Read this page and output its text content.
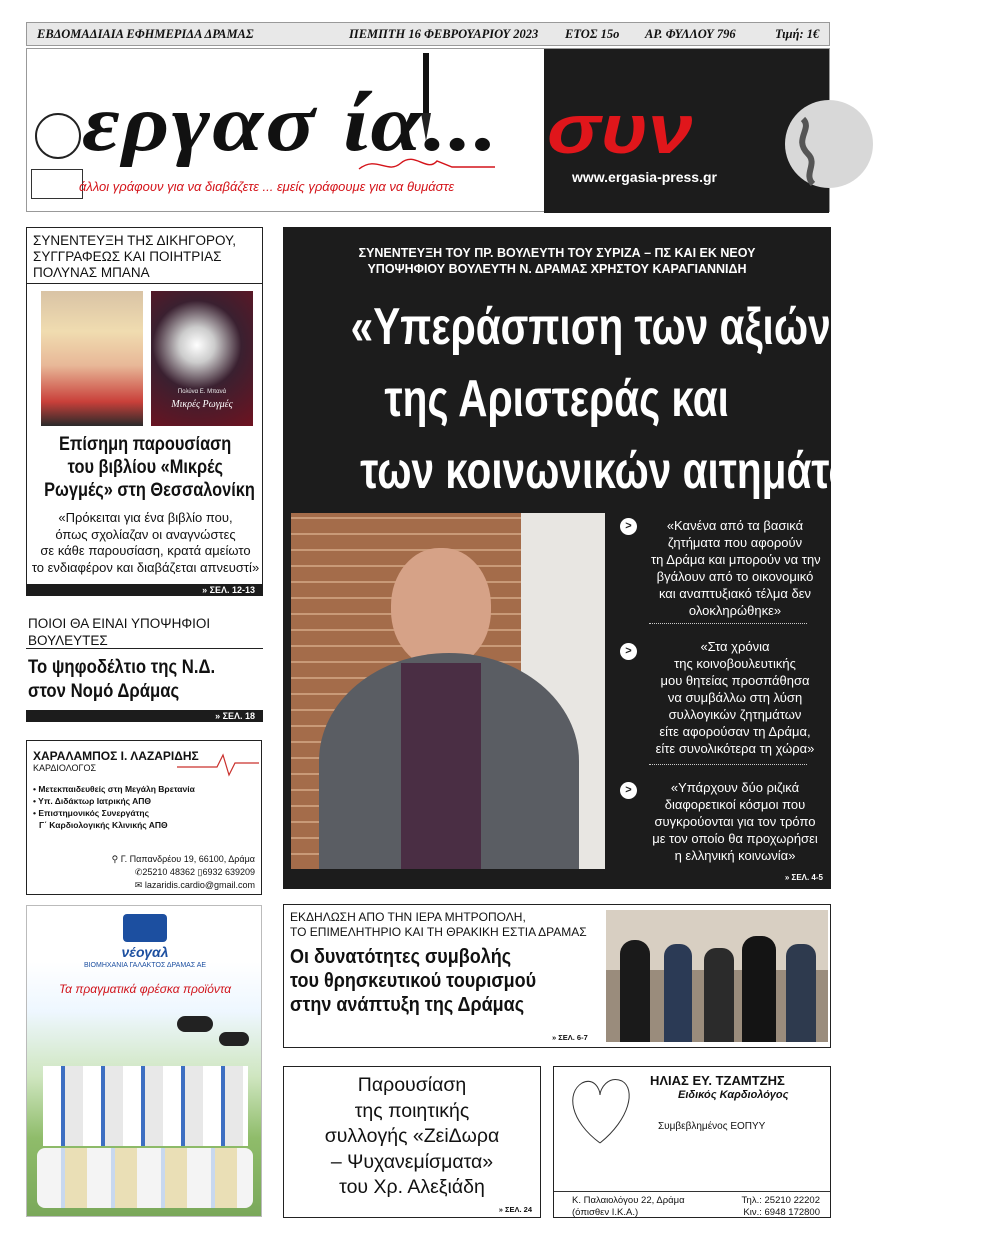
ΕΒΔΟΜΑΔΙΑΙΑ ΕΦΗΜΕΡΙΔΑ ΔΡΑΜΑΣ	ΠΕΜΠΤΗ 16 ΦΕΒΡΟΥΑΡΙΟΥ 2023 ΕΤΟΣ 15ο ΑΡ. ΦΥΛΛΟΥ 796	Τιμή: 1€
εργασ ία... συν
άλλοι γράφουν για να διαβάζετε ... εμείς γράφουμε για να θυμάστε
www.ergasia-press.gr
ΣΥΝΕΝΤΕΥΞΗ ΤΗΣ ΔΙΚΗΓΟΡΟΥ,
ΣΥΓΓΡΑΦΕΩΣ ΚΑΙ ΠΟΙΗΤΡΙΑΣ
ΠΟΛΥΝΑΣ ΜΠΑΝΑ
Πολύνα Ε. Μπανά
Μικρές Ρωγμές
Επίσημη παρουσίαση
του βιβλίου «Μικρές
Ρωγμές» στη Θεσσαλονίκη
«Πρόκειται για ένα βιβλίο που,
όπως σχολίαζαν οι αναγνώστες
σε κάθε παρουσίαση, κρατά αμείωτο
το ενδιαφέρον και διαβάζεται απνευστί»
» ΣΕΛ. 12-13
ΠΟΙΟΙ ΘΑ ΕΙΝΑΙ ΥΠΟΨΗΦΙΟΙ
ΒΟΥΛΕΥΤΕΣ
Το ψηφοδέλτιο της Ν.Δ.
στον Νομό Δράμας
» ΣΕΛ. 18
ΧΑΡΑΛΑΜΠΟΣ Ι. ΛΑΖΑΡΙΔΗΣ
ΚΑΡΔΙΟΛΟΓΟΣ
• Μετεκπαιδευθείς στη Μεγάλη Βρετανία
• Υπ. Διδάκτωρ Ιατρικής ΑΠΘ
• Επιστημονικός Συνεργάτης
Γ΄ Καρδιολογικής Κλινικής ΑΠΘ
⚲ Γ. Παπανδρέου 19, 66100, Δράμα
✆25210 48362 ▯6932 639209
✉ lazaridis.cardio@gmail.com
ΣΥΝΕΝΤΕΥΞΗ ΤΟΥ ΠΡ. ΒΟΥΛΕΥΤΗ ΤΟΥ ΣΥΡΙΖΑ – ΠΣ ΚΑΙ ΕΚ ΝΕΟΥ
ΥΠΟΨΗΦΙΟΥ ΒΟΥΛΕΥΤΗ Ν. ΔΡΑΜΑΣ ΧΡΗΣΤΟΥ ΚΑΡΑΓΙΑΝΝΙΔΗ
«Υπεράσπιση των αξιών
της Αριστεράς και
των κοινωνικών αιτημάτων»
>	«Κανένα από τα βασικά
ζητήματα που αφορούν
τη Δράμα και μπορούν να την
βγάλουν από το οικονομικό
και αναπτυξιακό τέλμα δεν
ολοκληρώθηκε»
>	«Στα χρόνια
της κοινοβουλευτικής
μου θητείας προσπάθησα
να συμβάλλω στη λύση
συλλογικών ζητημάτων
είτε αφορούσαν τη Δράμα,
είτε συνολικότερα τη χώρα»
>	«Υπάρχουν δύο ριζικά
διαφορετικοί κόσμοι που
συγκρούονται για τον τρόπο
με τον οποίο θα προχωρήσει
η ελληνική κοινωνία»
» ΣΕΛ. 4-5
ΕΚΔΗΛΩΣΗ ΑΠΟ ΤΗΝ ΙΕΡΑ ΜΗΤΡΟΠΟΛΗ,
ΤΟ ΕΠΙΜΕΛΗΤΗΡΙΟ ΚΑΙ ΤΗ ΘΡΑΚΙΚΗ ΕΣΤΙΑ ΔΡΑΜΑΣ
Οι δυνατότητες συμβολής
του θρησκευτικού τουρισμού
στην ανάπτυξη της Δράμας
» ΣΕΛ. 6-7
νέογαλ
ΒΙΟΜΗΧΑΝΙΑ ΓΑΛΑΚΤΟΣ ΔΡΑΜΑΣ ΑΕ
Τα πραγματικά φρέσκα προϊόντα
Παρουσίαση
της ποιητικής
συλλογής «ΖεiΔωρα
– Ψυχανεμίσματα»
του Χρ. Αλεξιάδη
» ΣΕΛ. 24
ΗΛΙΑΣ ΕΥ. ΤΖΑΜΤΖΗΣ
Ειδικός Καρδιολόγος
Συμβεβλημένος ΕΟΠΥΥ
Κ. Παλαιολόγου 22, Δράμα
(όπισθεν Ι.Κ.Α.)
Τηλ.: 25210 22202
Κιν.: 6948 172800
